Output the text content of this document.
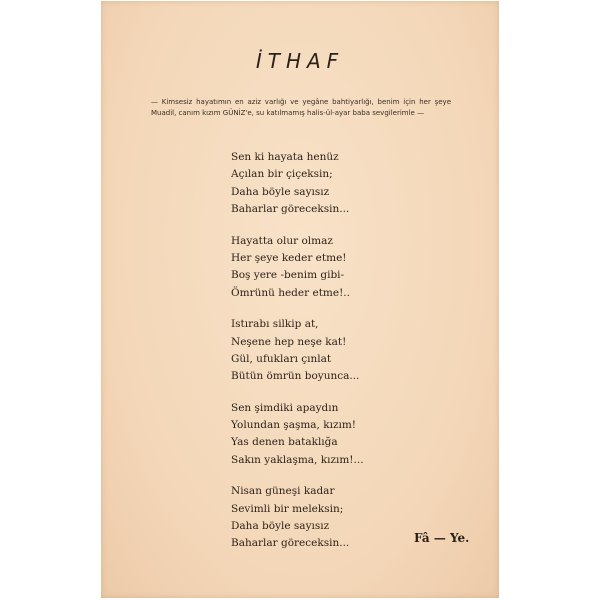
İTHAF
— Kimsesiz hayatımın en aziz varlığı ve yegâne bahtiyarlığı, benim için her şeye Muadil, canım kızım GÜNİZ'e, su katılmamış halis-ül-ayar baba sevgilerimle —
Sen ki hayata henüz
Açılan bir çiçeksin;
Daha böyle sayısız
Baharlar göreceksin...
Hayatta olur olmaz
Her şeye keder etme!
Boş yere -benim gibi-
Ömrünü heder etme!..
Istırabı silkip at,
Neşene hep neşe kat!
Gül, ufukları çınlat
Bütün ömrün boyunca...
Sen şimdiki apaydın
Yolundan şaşma, kızım!
Yas denen bataklığa
Sakın yaklaşma, kızım!...
Nisan güneşi kadar
Sevimli bir meleksin;
Daha böyle sayısız
Baharlar göreceksin...	Fâ — Ye.
